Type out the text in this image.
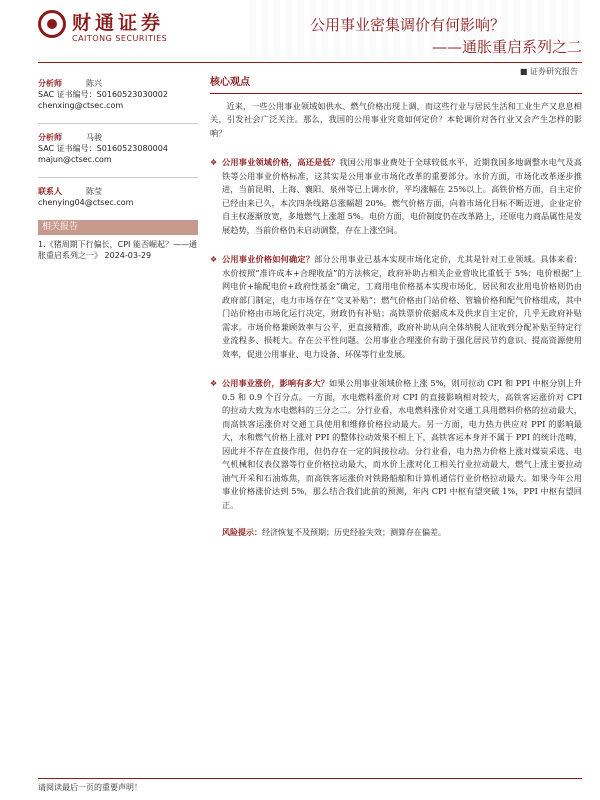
财通证券
CAITONG SECURITIES
公用事业密集调价有何影响？
——通胀重启系列之二
■ 证券研究报告
分析师	陈兴
SAC 证书编号：S0160523030002
chenxing@ctsec.com
分析师	马骏
SAC 证书编号：S0160523080004
majun@ctsec.com
联系人	陈莹
chenying04@ctsec.com
相关报告
1.《猪周期下行偏长，CPI 能否崛起？——通胀重启系列之一》 2024-03-29
核心观点

近来，一些公用事业领域如供水、燃气价格出现上调，而这些行业与居民生活和工业生产又息息相关，引发社会广泛关注。那么，我国的公用事业究竟如何定价？本轮调价对各行业又会产生怎样的影响？

❖ 公用事业领域价格，高还是低？我国公用事业费处于全球较低水平，近期我国多地调整水电气及高铁等公用事业价格标准，这其实是公用事业市场化改革的重要部分。水价方面，市场化改革逐步推进，当前昆明、上海、襄阳、泉州等已上调水价，平均涨幅在 25%以上。高铁价格方面，自主定价已经由来已久，本次四条线路总涨幅超 20%。燃气价格方面，向着市场化目标不断迈进，企业定价自主权逐渐放宽，多地燃气上涨超 5%。电价方面，电价制度仍在改革路上，还原电力商品属性是发展趋势，当前价格仍未启动调整，存在上涨空间。
❖ 公用事业价格如何确定？部分公用事业已基本实现市场化定价，尤其是针对工业领域。具体来看：水价按照“准许成本+合理收益”的方法核定，政府补助占相关企业营收比重低于 5%；电价根据“上网电价+输配电价+政府性基金”确定，工商用电价格基本实现市场化，居民和农业用电价格则仍由政府部门制定，电力市场存在“交叉补贴”；燃气价格由门站价格、管输价格和配气价格组成，其中门站价格由市场化运行决定，财政仍有补贴；高铁票价依据成本及供求自主定价，几乎无政府补贴需求。市场价格兼顾效率与公平，更直接精准，政府补助从向全体纳税人征收到分配补贴至特定行业流程多、损耗大。存在公平性问题。公用事业合理涨价有助于强化居民节约意识、提高资源使用效率，促进公用事业、电力设备、环保等行业发展。
❖ 公用事业涨价，影响有多大？如果公用事业领域价格上涨 5%，则可拉动 CPI 和 PPI 中枢分别上升 0.5 和 0.9 个百分点。一方面，水电燃料涨价对 CPI 的直接影响相对较大，高铁客运涨价对 CPI 的拉动大致为水电燃料的三分之二。分行业看，水电燃料涨价对交通工具用燃料价格的拉动最大，而高铁客运涨价对交通工具使用和维修价格拉动最大。另一方面，电力热力供应对 PPI 的影响最大，水和燃气价格上涨对 PPI 的整体拉动效果不相上下，高铁客运本身并不属于 PPI 的统计范畴，因此并不存在直接作用，但仍存在一定的间接拉动。分行业看，电力热力价格上涨对煤炭采选、电气机械和仪表仪器等行业价格拉动最大，而水价上涨对化工相关行业拉动最大，燃气上涨主要拉动油气开采和石油炼焦，而高铁客运涨价对铁路船舶和计算机通信行业价格拉动最大。如果今年公用事业价格涨价达到 5%，那么结合我们此前的预测，年内 CPI 中枢有望突破 1%，PPI 中枢有望回正。
风险提示：经济恢复不及预期；历史经验失效；测算存在偏差。
请阅读最后一页的重要声明！
